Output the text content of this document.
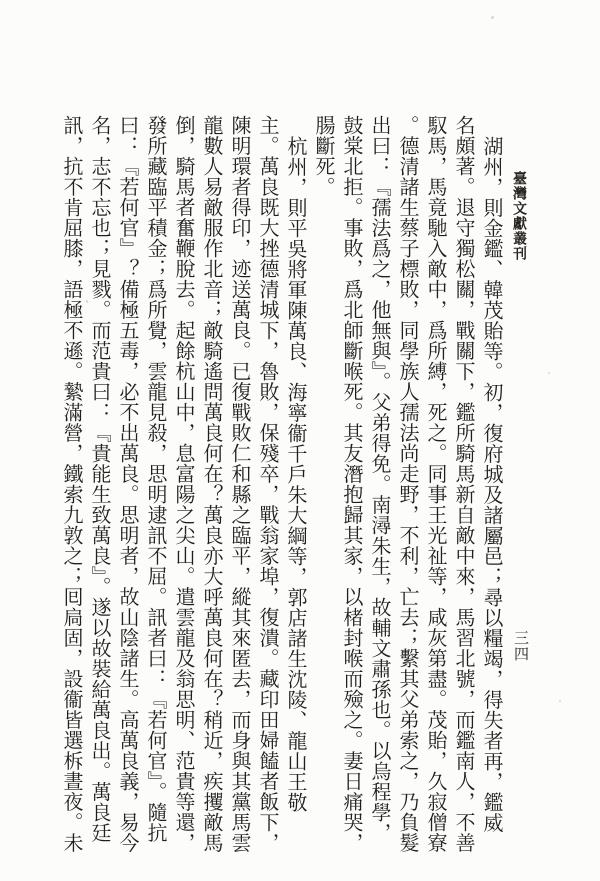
臺灣文獻叢刊
三四
湖州，則金鑑、韓茂貽等。初，復府城及諸屬邑；尋以糧竭，得失者再，鑑威
名頗著。退守獨松關，戰關下，鑑所騎馬新自敵中來，馬習北號，而鑑南人，不善
馭馬，馬竟馳入敵中，爲所縛，死之。同事王光祉等，咸灰第盡。茂貽，久寂僧寮
。德清諸生蔡子標敗，同學族人孺法尚走野，不利，亡去；繫其父弟索之，乃負髮
出曰：『孺法爲之，他無與』。父弟得免。南潯朱生，故輔文肅孫也。以烏程學，
鼓棠北拒。事敗，爲北師斷喉死。其友潛抱歸其家，以楮封喉而殮之。妻日痛哭，
腸斷死。
杭州，則平吳將軍陳萬良、海寧衞千戶朱大綱等，郭店諸生沈陵、龍山王敬
主。萬良既大挫德清城下，魯敗，保殘卒，戰翁家埠，復潰。藏印田婦饁者飯下，
陳明環者得印，迹送萬良。已復戰敗仁和縣之臨平，縱其來匿去，而身與其黨馬雲
龍數人易敵服作北音；敵騎遙問萬良何在？萬良亦大呼萬良何在？稍近，疾攫敵馬
倒，騎馬者奮鞭脫去。起餘杭山中，息富陽之尖山。遣雲龍及翁思明、范貴等還，
發所藏臨平積金；爲所覺，雲龍見殺，思明逮訊不屈。訊者曰：『若何官』。隨抗
曰：『若何官』？備極五毒，必不出萬良。思明者，故山陰諸生。高萬良義，易今
名，志不忘也；見戮。而范貴曰：『貴能生致萬良』。遂以故裝給萬良出。萬良廷
訊，抗不肯屈膝，語極不遜。縶滿營，鐵索九敦之；囘扃固，設衞皆選柝晝夜。未
